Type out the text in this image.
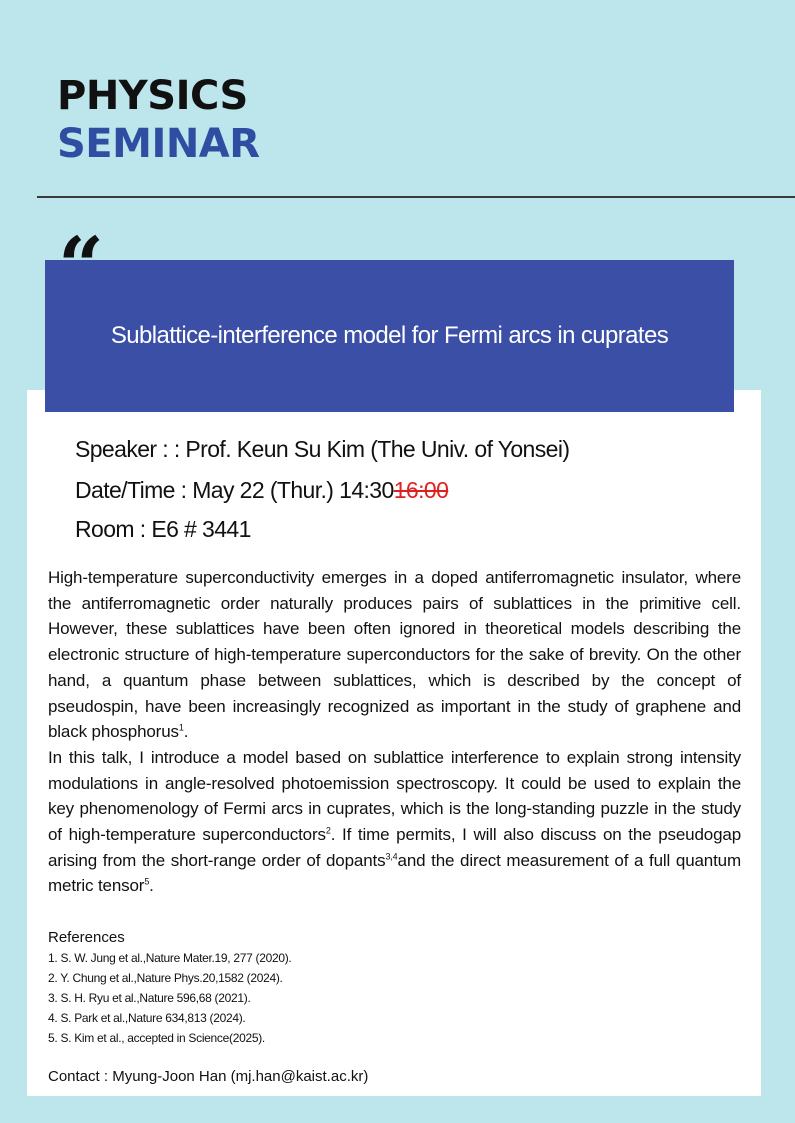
PHYSICS
SEMINAR
Sublattice-interference model for Fermi arcs in cuprates
“
Speaker : : Prof. Keun Su Kim (The Univ. of Yonsei)
Date/Time : May 22 (Thur.) 14:3016:00
Room : E6 # 3441

High-temperature superconductivity emerges in a doped antiferromagnetic insulator, where the antiferromagnetic order naturally produces pairs of sublattices in the primitive cell. However, these sublattices have been often ignored in theoretical models describing the electronic structure of high-temperature superconductors for the sake of brevity. On the other hand, a quantum phase between sublattices, which is described by the concept of pseudospin, have been increasingly recognized as important in the study of graphene and black phosphorus$^1$.

In this talk, I introduce a model based on sublattice interference to explain strong intensity modulations in angle-resolved photoemission spectroscopy. It could be used to explain the key phenomenology of Fermi arcs in cuprates, which is the long-standing puzzle in the study of high-temperature superconductors$^2$. If time permits, I will also discuss on the pseudogap arising from the short-range order of dopants$^{3,4}$and the direct measurement of a full quantum metric tensor$^5$.

References
1. S. W. Jung et al.,Nature Mater.19, 277 (2020).
2. Y. Chung et al.,Nature Phys.20,1582 (2024).
3. S. H. Ryu et al.,Nature 596,68 (2021).
4. S. Park et al.,Nature 634,813 (2024).
5. S. Kim et al., accepted in Science(2025).
Contact : Myung-Joon Han (mj.han@kaist.ac.kr)
